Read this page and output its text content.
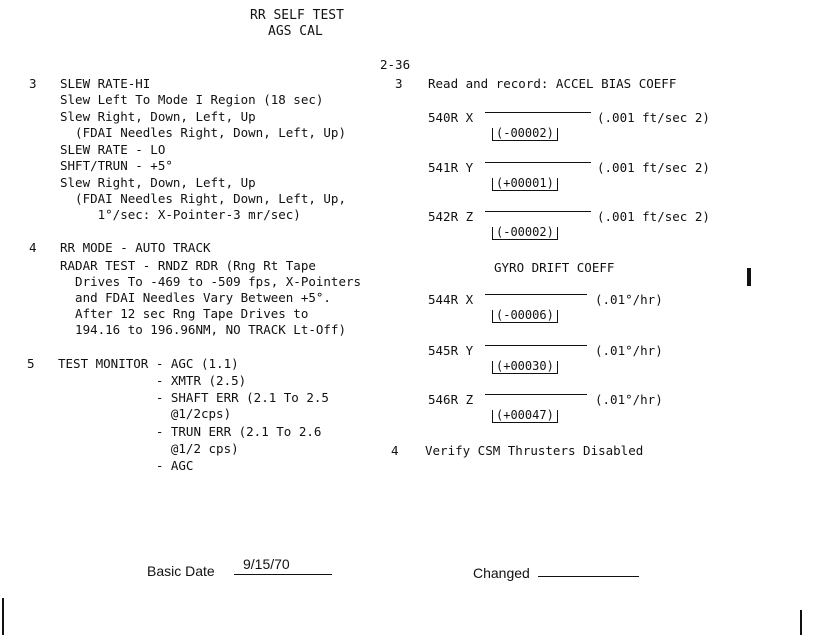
RR SELF TEST
AGS CAL
2-36
3 SLEW RATE-HI
Slew Left To Mode I Region (18 sec)
Slew Right, Down, Left, Up
(FDAI Needles Right, Down, Left, Up)
SLEW RATE - LO
SHFT/TRUN - +5°
Slew Right, Down, Left, Up
(FDAI Needles Right, Down, Left, Up,
1°/sec: X-Pointer-3 mr/sec)
4 RR MODE - AUTO TRACK
RADAR TEST - RNDZ RDR (Rng Rt Tape
Drives To -469 to -509 fps, X-Pointers
and FDAI Needles Vary Between +5°.
After 12 sec Rng Tape Drives to
194.16 to 196.96NM, NO TRACK Lt-Off)
5 TEST MONITOR - AGC (1.1)
- XMTR (2.5)
- SHAFT ERR (2.1 To 2.5
@1/2cps)
- TRUN ERR (2.1 To 2.6
@1/2 cps)
- AGC
3 Read and record: ACCEL BIAS COEFF
540R X	(.001 ft/sec 2)
(-00002)
541R Y	(.001 ft/sec 2)
(+00001)
542R Z	(.001 ft/sec 2)
(-00002)
GYRO DRIFT COEFF
544R X	(.01°/hr)
(-00006)
545R Y	(.01°/hr)
(+00030)
546R Z	(.01°/hr)
(+00047)
4 Verify CSM Thrusters Disabled
Basic Date 9/15/70
Changed
